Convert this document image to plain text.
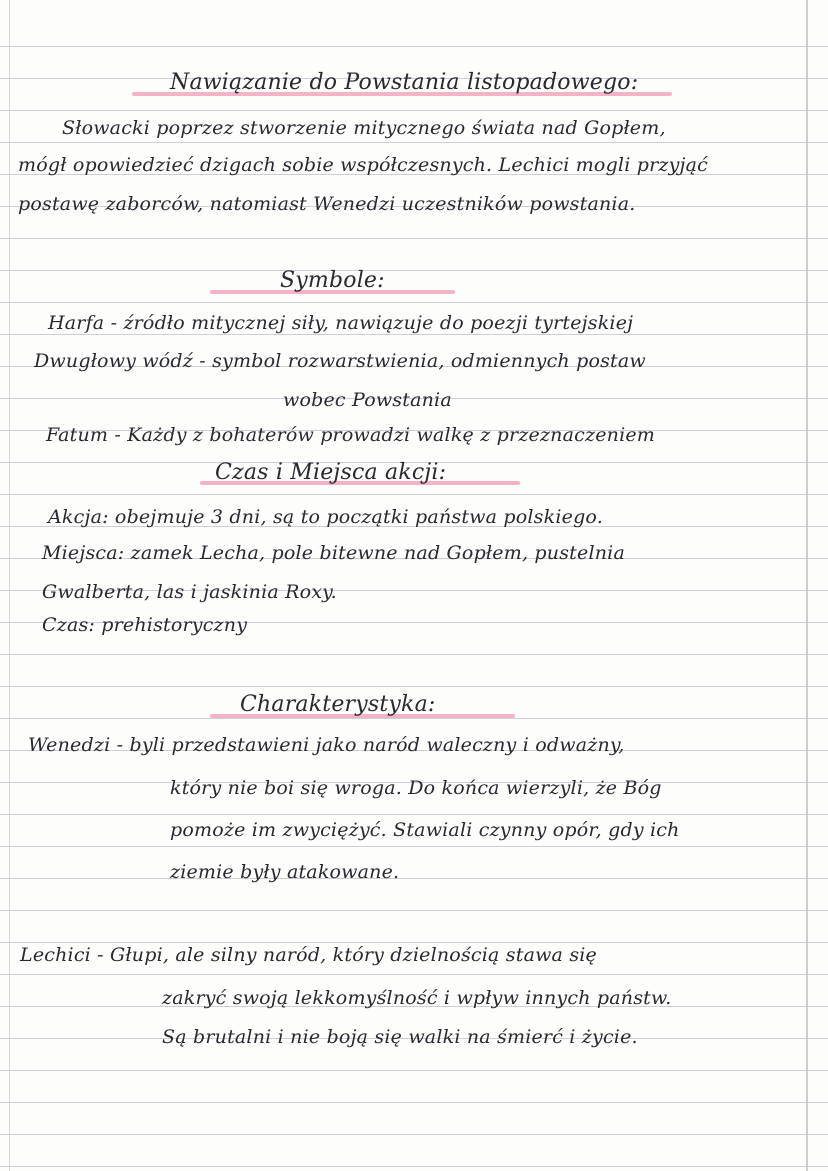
Nawiązanie do Powstania listopadowego:
Słowacki poprzez stworzenie mitycznego świata nad Gopłem,
mógł opowiedzieć dzigach sobie współczesnych. Lechici mogli przyjąć
postawę zaborców, natomiast Wenedzi uczestników powstania.
Symbole:
Harfa - źródło mitycznej siły, nawiązuje do poezji tyrtejskiej
Dwugłowy wódź - symbol rozwarstwienia, odmiennych postaw
wobec Powstania
Fatum - Każdy z bohaterów prowadzi walkę z przeznaczeniem
Czas i Miejsca akcji:
Akcja: obejmuje 3 dni, są to początki państwa polskiego.
Miejsca: zamek Lecha, pole bitewne nad Gopłem, pustelnia
Gwalberta, las i jaskinia Roxy.
Czas: prehistoryczny
Charakterystyka:
Wenedzi - byli przedstawieni jako naród waleczny i odważny,
który nie boi się wroga. Do końca wierzyli, że Bóg
pomoże im zwyciężyć. Stawiali czynny opór, gdy ich
ziemie były atakowane.
Lechici - Głupi, ale silny naród, który dzielnością stawa się
zakryć swoją lekkomyślność i wpływ innych państw.
Są brutalni i nie boją się walki na śmierć i życie.
